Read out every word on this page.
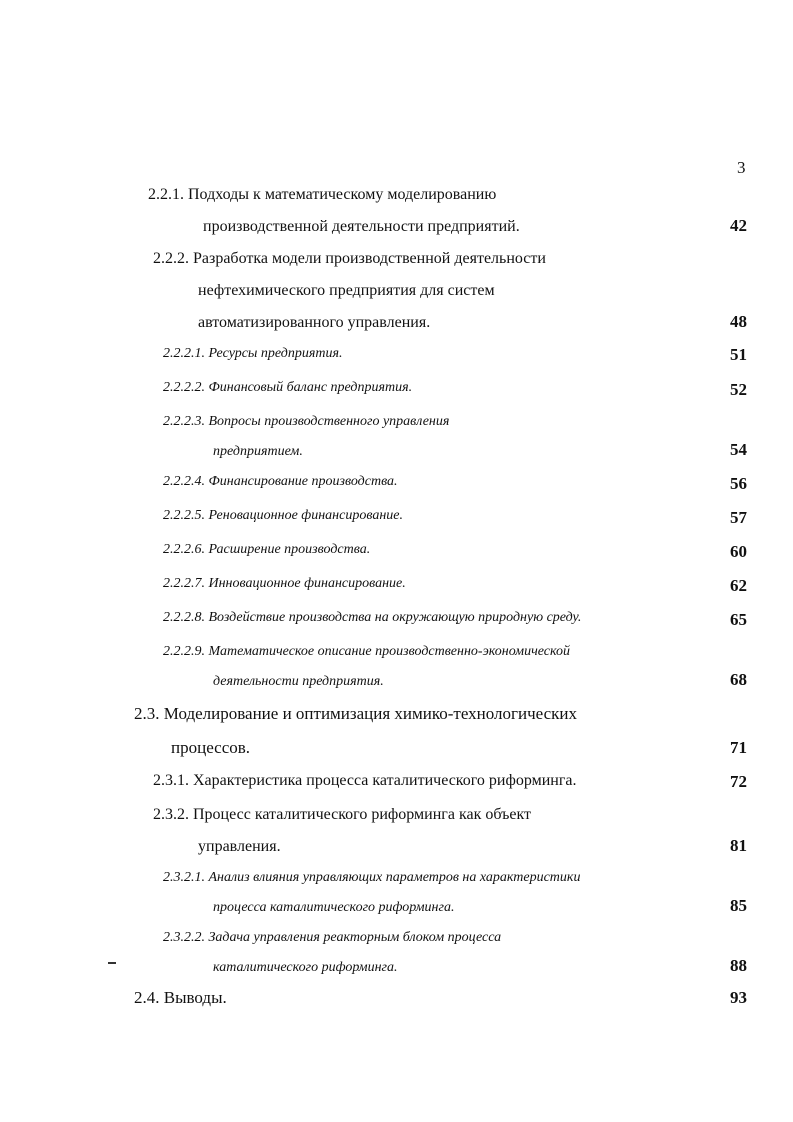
3
2.2.1. Подходы к математическому моделированию
производственной деятельности предприятий.	42
2.2.2. Разработка модели производственной деятельности
нефтехимического предприятия для систем
автоматизированного управления.	48
2.2.2.1. Ресурсы предприятия.	51
2.2.2.2. Финансовый баланс предприятия.	52
2.2.2.3. Вопросы производственного управления
предприятием.	54
2.2.2.4. Финансирование производства.	56
2.2.2.5. Реновационное финансирование.	57
2.2.2.6. Расширение производства.	60
2.2.2.7. Инновационное финансирование.	62
2.2.2.8. Воздействие производства на окружающую природную среду.	65
2.2.2.9. Математическое описание производственно-экономической
деятельности предприятия.	68
2.3. Моделирование и оптимизация химико-технологических
процессов.	71
2.3.1. Характеристика процесса каталитического риформинга.	72
2.3.2. Процесс каталитического риформинга как объект
управления.	81
2.3.2.1. Анализ влияния управляющих параметров на характеристики
процесса каталитического риформинга.	85
2.3.2.2. Задача управления реакторным блоком процесса
каталитического риформинга.	88
2.4. Выводы.	93
